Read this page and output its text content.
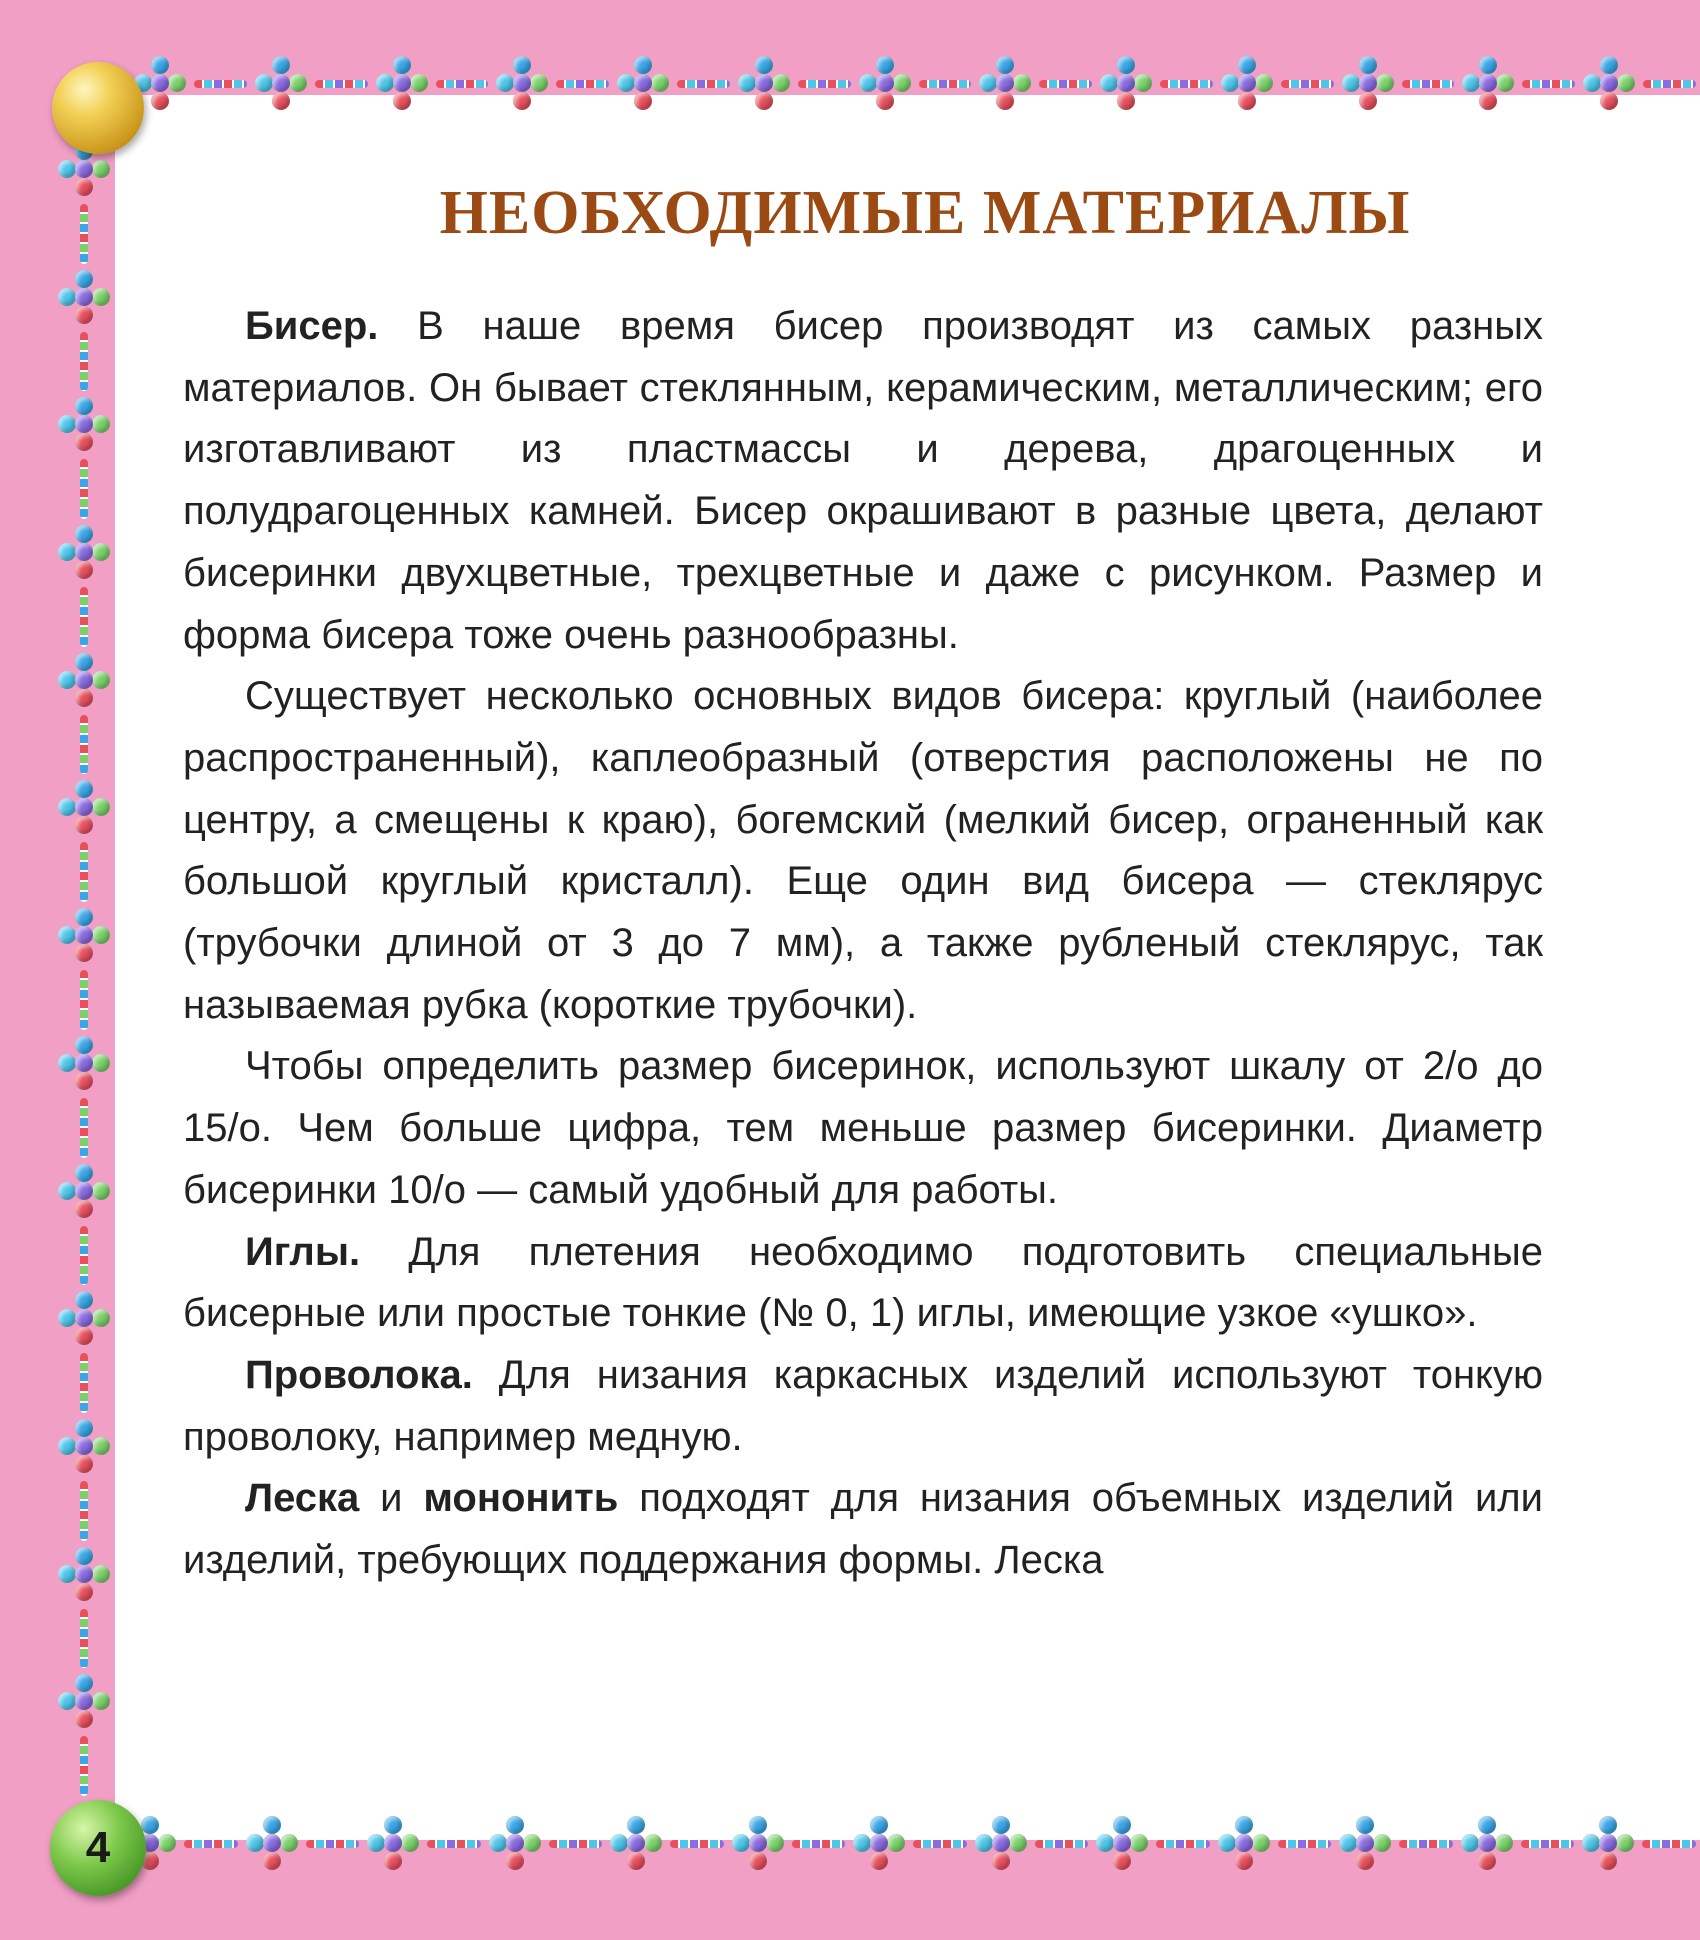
4
НЕОБХОДИМЫЕ МАТЕРИАЛЫ

Бисер. В наше время бисер производят из самых разных материалов. Он бывает стеклянным, керамическим, металлическим; его изготавливают из пластмассы и дерева, драгоценных и полудрагоценных камней. Бисер окрашивают в разные цвета, делают бисеринки двухцветные, трехцветные и даже с рисунком. Размер и форма бисера тоже очень разнообразны.

Существует несколько основных видов бисера: круглый (наиболее распространенный), каплеобразный (отверстия расположены не по центру, а смещены к краю), богемский (мелкий бисер, ограненный как большой круглый кристалл). Еще один вид бисера — стеклярус (трубочки длиной от 3 до 7 мм), а также рубленый стеклярус, так называемая рубка (короткие трубочки).

Чтобы определить размер бисеринок, используют шкалу от 2/о до 15/о. Чем больше цифра, тем меньше размер бисеринки. Диаметр бисеринки 10/о — самый удобный для работы.

Иглы. Для плетения необходимо подготовить специальные бисерные или простые тонкие (№ 0, 1) иглы, имеющие узкое «ушко».

Проволока. Для низания каркасных изделий используют тонкую проволоку, например медную.

Леска и мононить подходят для низания объемных изделий или изделий, требующих поддержания формы. Леска
